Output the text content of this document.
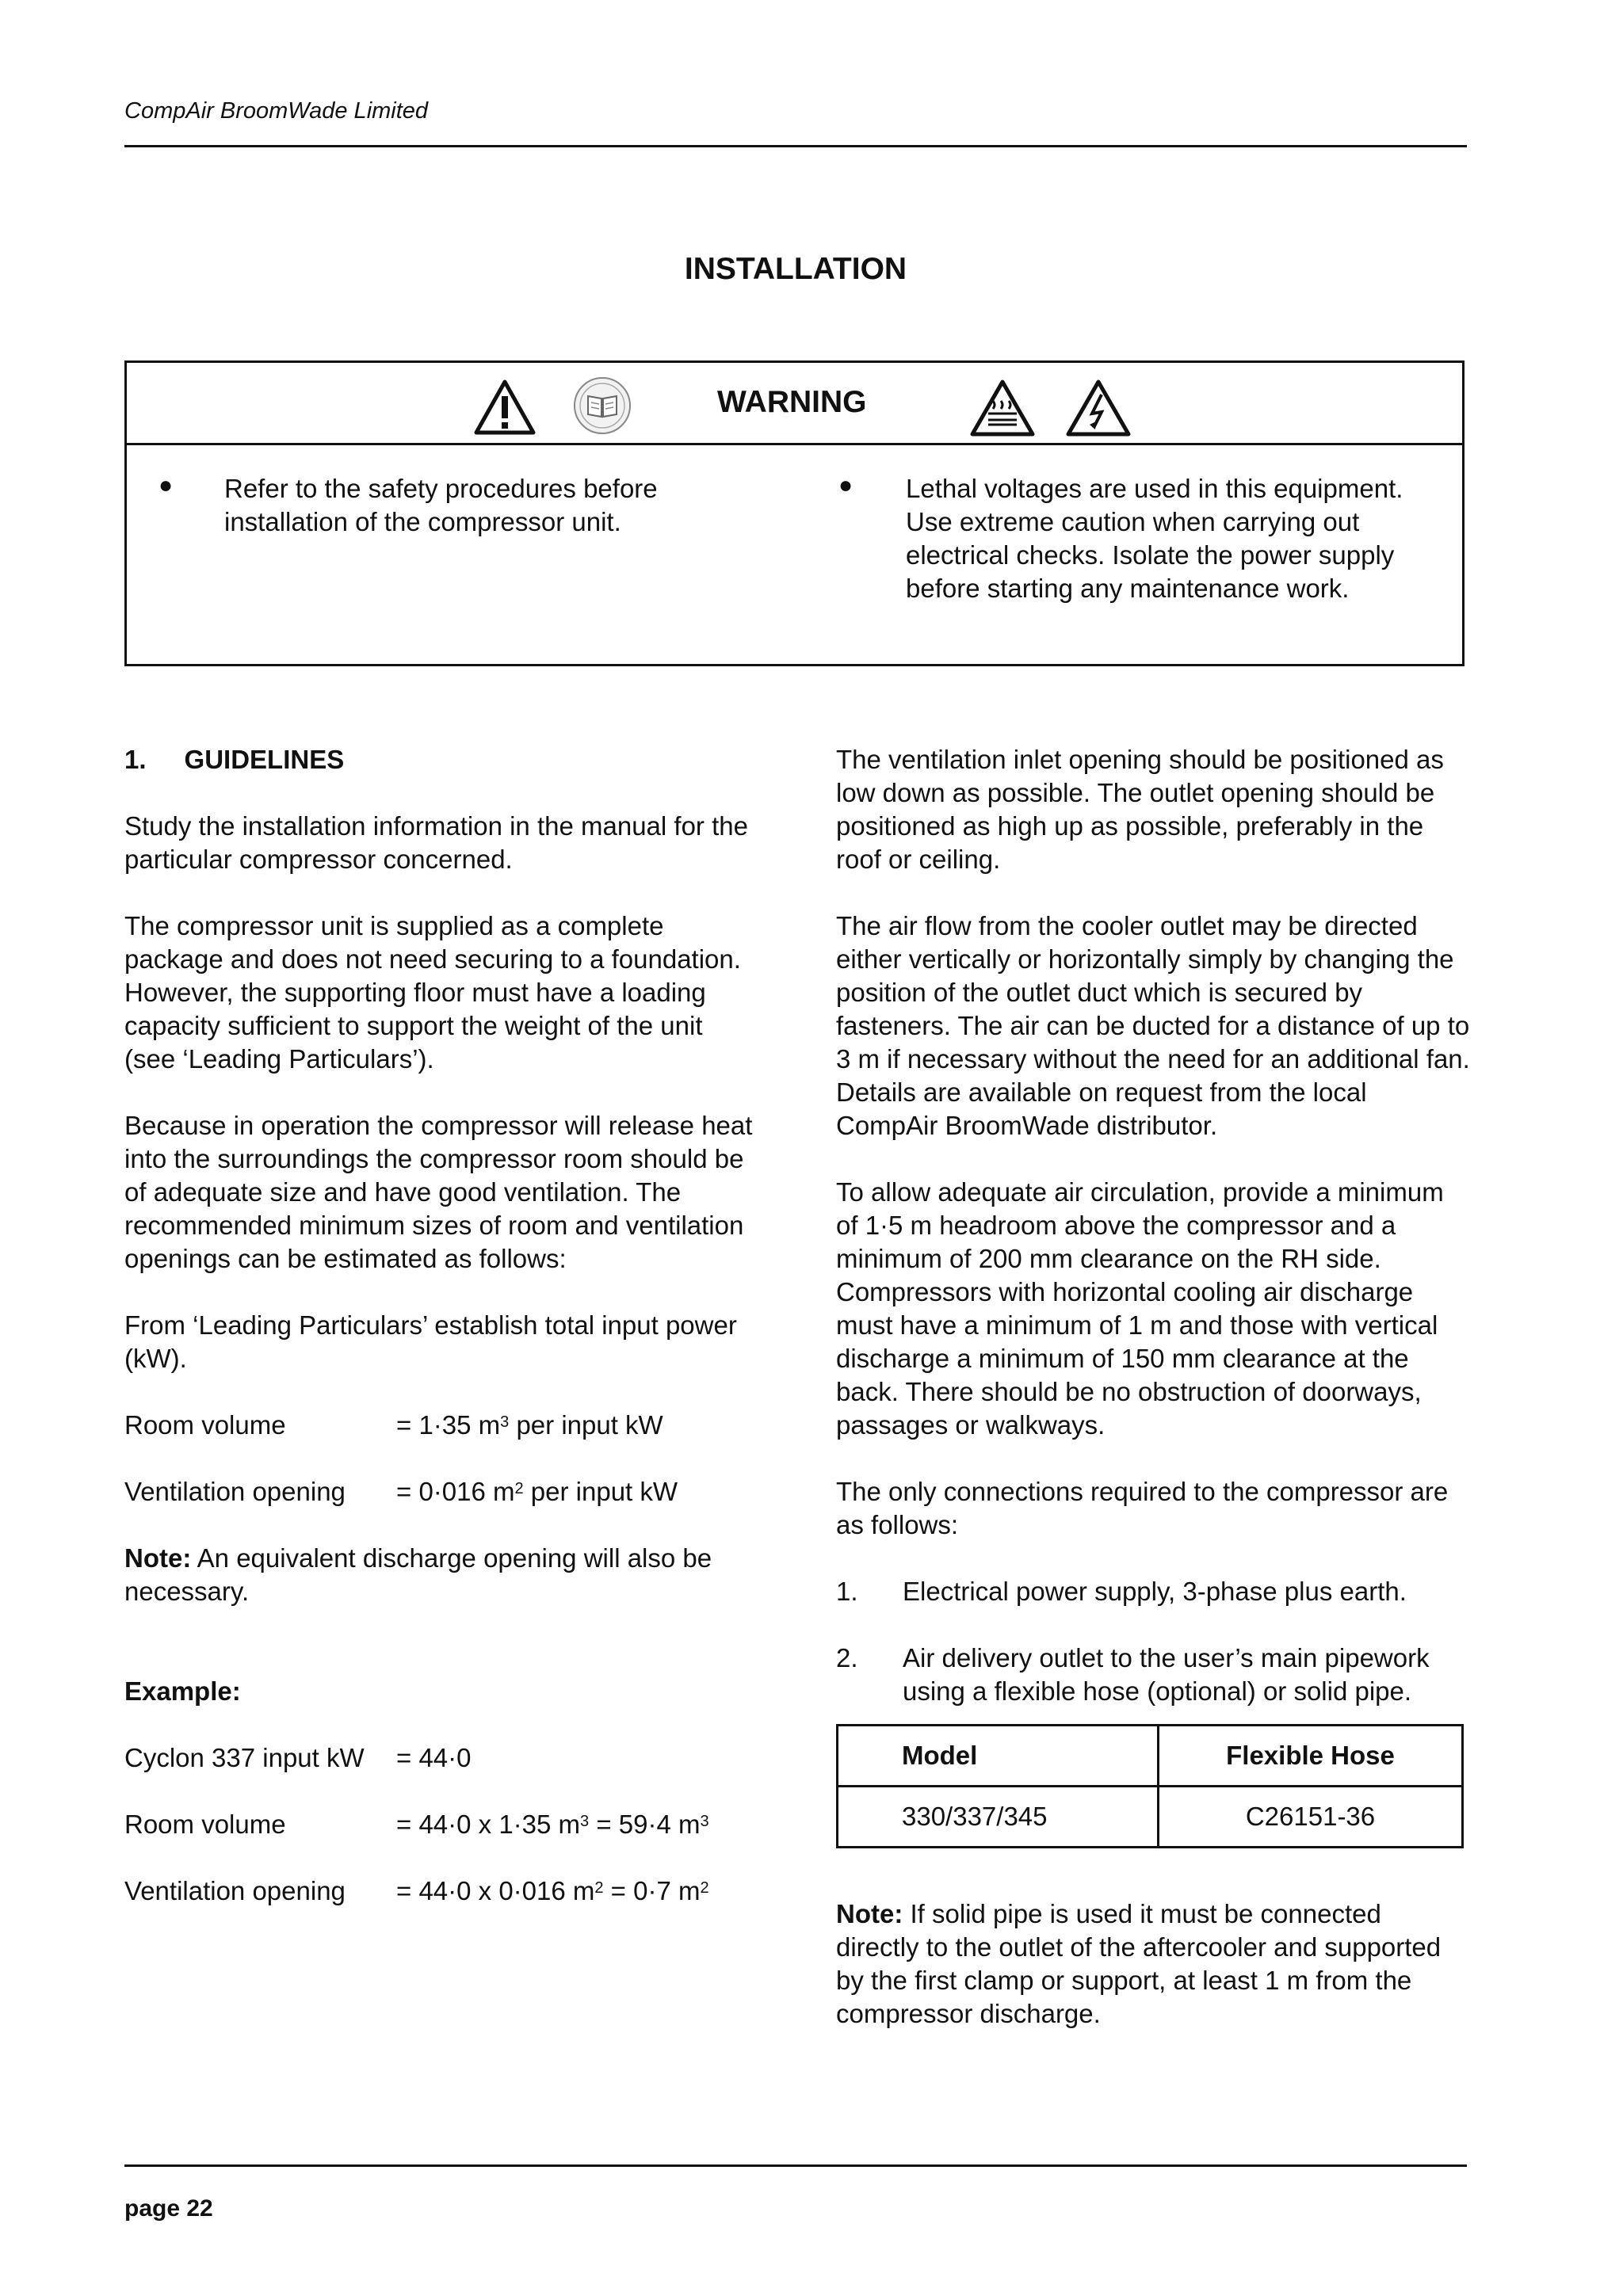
CompAir BroomWade Limited
INSTALLATION
WARNING
● Refer to the safety procedures before installation of the compressor unit.
● Lethal voltages are used in this equipment. Use extreme caution when carrying out electrical checks. Isolate the power supply before starting any maintenance work.

1. GUIDELINES

Study the installation information in the manual for the particular compressor concerned.

The compressor unit is supplied as a complete package and does not need securing to a foundation. However, the supporting floor must have a loading capacity sufficient to support the weight of the unit (see ‘Leading Particulars’).

Because in operation the compressor will release heat into the surroundings the compressor room should be of adequate size and have good ventilation. The recommended minimum sizes of room and ventilation openings can be estimated as follows:

From ‘Leading Particulars’ establish total input power (kW).

Room volume	= 1·35 $m^3$ per input kW
Ventilation opening = 0·016 $m^2$ per input kW

Note: An equivalent discharge opening will also be necessary.

Example:

Cyclon 337 input kW = 44·0
Room volume	= 44·0 x 1·35 $m^3 = 59\cdot 4$ $m^3$
Ventilation opening = 44·0 x 0·016 $m^2 = 0\cdot 7$ $m^2$

The ventilation inlet opening should be positioned as low down as possible. The outlet opening should be positioned as high up as possible, preferably in the roof or ceiling.

The air flow from the cooler outlet may be directed either vertically or horizontally simply by changing the position of the outlet duct which is secured by fasteners. The air can be ducted for a distance of up to 3 m if necessary without the need for an additional fan. Details are available on request from the local CompAir BroomWade distributor.

To allow adequate air circulation, provide a minimum of 1·5 m headroom above the compressor and a minimum of 200 mm clearance on the RH side. Compressors with horizontal cooling air discharge must have a minimum of 1 m and those with vertical discharge a minimum of 150 mm clearance at the back. There should be no obstruction of doorways, passages or walkways.

The only connections required to the compressor are as follows:

1. Electrical power supply, 3-phase plus earth.
2. Air delivery outlet to the user’s main pipework using a flexible hose (optional) or solid pipe.
Model	Flexible Hose
330/337/345	C26151-36

Note: If solid pipe is used it must be connected directly to the outlet of the aftercooler and supported by the first clamp or support, at least 1 m from the compressor discharge.

page 22
